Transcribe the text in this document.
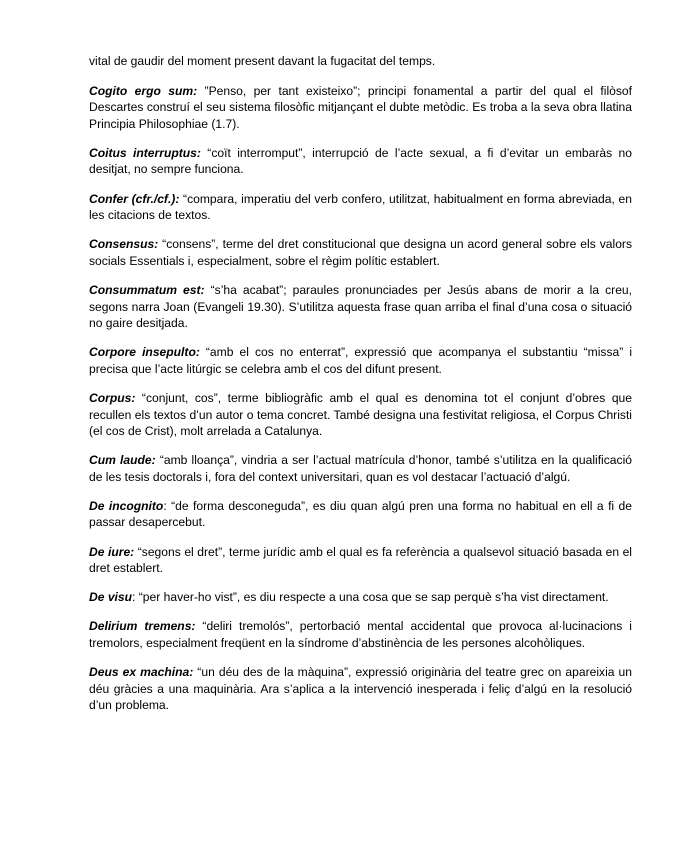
vital de gaudir del moment present davant la fugacitat del temps.

Cogito ergo sum: ”Penso, per tant existeixo”; principi fonamental a partir del qual el filòsof Descartes construí el seu sistema filosòfic mitjançant el dubte metòdic. Es troba a la seva obra llatina Principia Philosophiae (1.7).

Coitus interruptus: “coït interromput”, interrupció de l’acte sexual, a fi d’evitar un embaràs no desitjat, no sempre funciona.

Confer (cfr./cf.): “compara, imperatiu del verb confero, utilitzat, habitualment en forma abreviada, en les citacions de textos.

Consensus: “consens”, terme del dret constitucional que designa un acord general sobre els valors socials Essentials i, especialment, sobre el règim polític establert.

Consummatum est: “s’ha acabat”; paraules pronunciades per Jesús abans de morir a la creu, segons narra Joan (Evangeli 19.30). S’utilitza aquesta frase quan arriba el final d’una cosa o situació no gaire desitjada.

Corpore insepulto: “amb el cos no enterrat”, expressió que acompanya el substantiu “missa” i precisa que l’acte litúrgic se celebra amb el cos del difunt present.

Corpus: “conjunt, cos”, terme bibliogràfic amb el qual es denomina tot el conjunt d’obres que recullen els textos d’un autor o tema concret. També designa una festivitat religiosa, el Corpus Christi (el cos de Crist), molt arrelada a Catalunya.

Cum laude: “amb lloança”, vindria a ser l’actual matrícula d’honor, també s’utilitza en la qualificació de les tesis doctorals i, fora del context universitari, quan es vol destacar l’actuació d’algú.

De incognito: “de forma desconeguda”, es diu quan algú pren una forma no habitual en ell a fi de passar desapercebut.

De iure: “segons el dret”, terme jurídic amb el qual es fa referència a qualsevol situació basada en el dret establert.

De visu: “per haver-ho vist”, es diu respecte a una cosa que se sap perquè s’ha vist directament.

Delirium tremens: “deliri tremolós”, pertorbació mental accidental que provoca al·lucinacions i tremolors, especialment freqüent en la síndrome d’abstinència de les persones alcohòliques.

Deus ex machina: “un déu des de la màquina”, expressió originària del teatre grec on apareixia un déu gràcies a una maquinària. Ara s’aplica a la intervenció inesperada i feliç d’algú en la resolució d’un problema.
